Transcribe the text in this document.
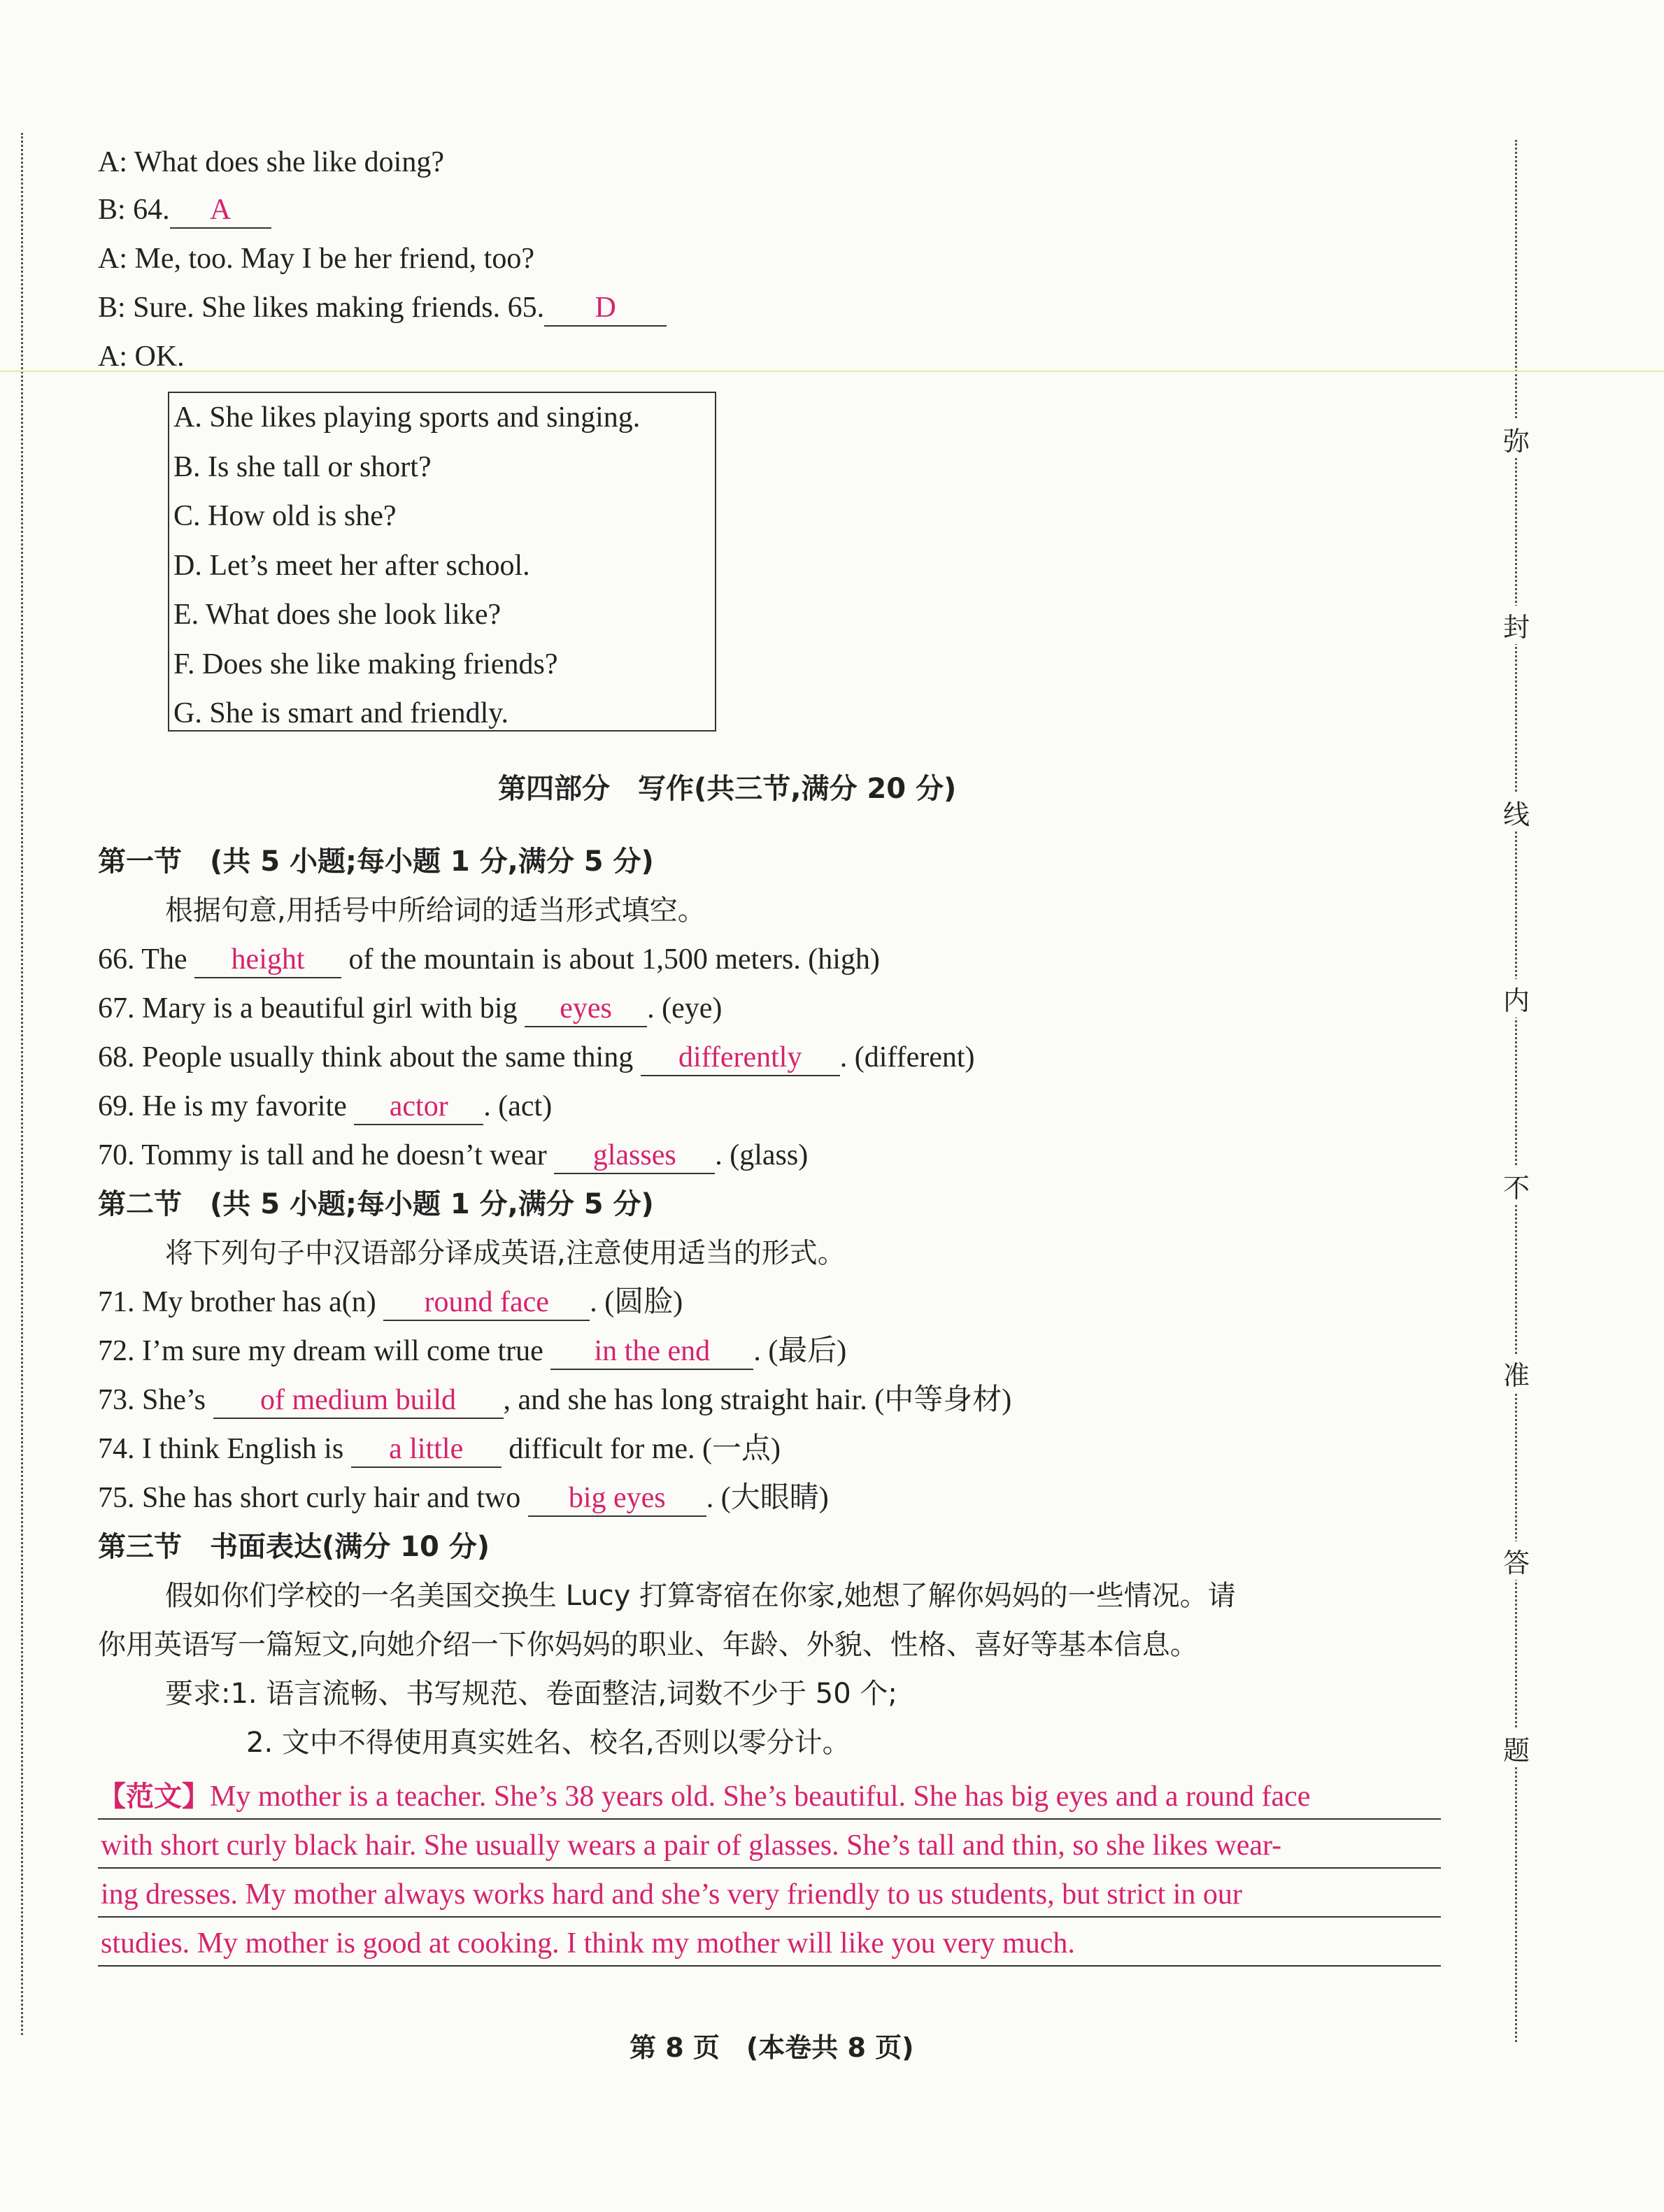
弥
封
线
内
不
准
答
题
A: What does she like doing?
B: 64. A
A: Me, too. May I be her friend, too?
B: Sure. She likes making friends. 65. D
A: OK.
A. She likes playing sports and singing.
B. Is she tall or short?
C. How old is she?
D. Let’s meet her after school.
E. What does she look like?
F. Does she like making friends?
G. She is smart and friendly.
第四部分　写作(共三节,满分 20 分)
第一节　(共 5 小题;每小题 1 分,满分 5 分)
根据句意,用括号中所给词的适当形式填空。
66. The height of the mountain is about 1,500 meters. (high)
67. Mary is a beautiful girl with big eyes . (eye)
68. People usually think about the same thing differently . (different)
69. He is my favorite actor . (act)
70. Tommy is tall and he doesn’t wear glasses . (glass)
第二节　(共 5 小题;每小题 1 分,满分 5 分)
将下列句子中汉语部分译成英语,注意使用适当的形式。
71. My brother has a(n) round face . (圆脸)
72. I’m sure my dream will come true in the end . (最后)
73. She’s of medium build , and she has long straight hair. (中等身材)
74. I think English is a little difficult for me. (一点)
75. She has short curly hair and two big eyes . (大眼睛)
第三节　书面表达(满分 10 分)
假如你们学校的一名美国交换生 Lucy 打算寄宿在你家,她想了解你妈妈的一些情况。请
你用英语写一篇短文,向她介绍一下你妈妈的职业、年龄、外貌、性格、喜好等基本信息。
要求:1. 语言流畅、书写规范、卷面整洁,词数不少于 50 个;
2. 文中不得使用真实姓名、校名,否则以零分计。
【范文】My mother is a teacher. She’s 38 years old. She’s beautiful. She has big eyes and a round face
with short curly black hair. She usually wears a pair of glasses. She’s tall and thin, so she likes wear-
ing dresses. My mother always works hard and she’s very friendly to us students, but strict in our
studies. My mother is good at cooking. I think my mother will like you very much.
第 8 页　(本卷共 8 页)
